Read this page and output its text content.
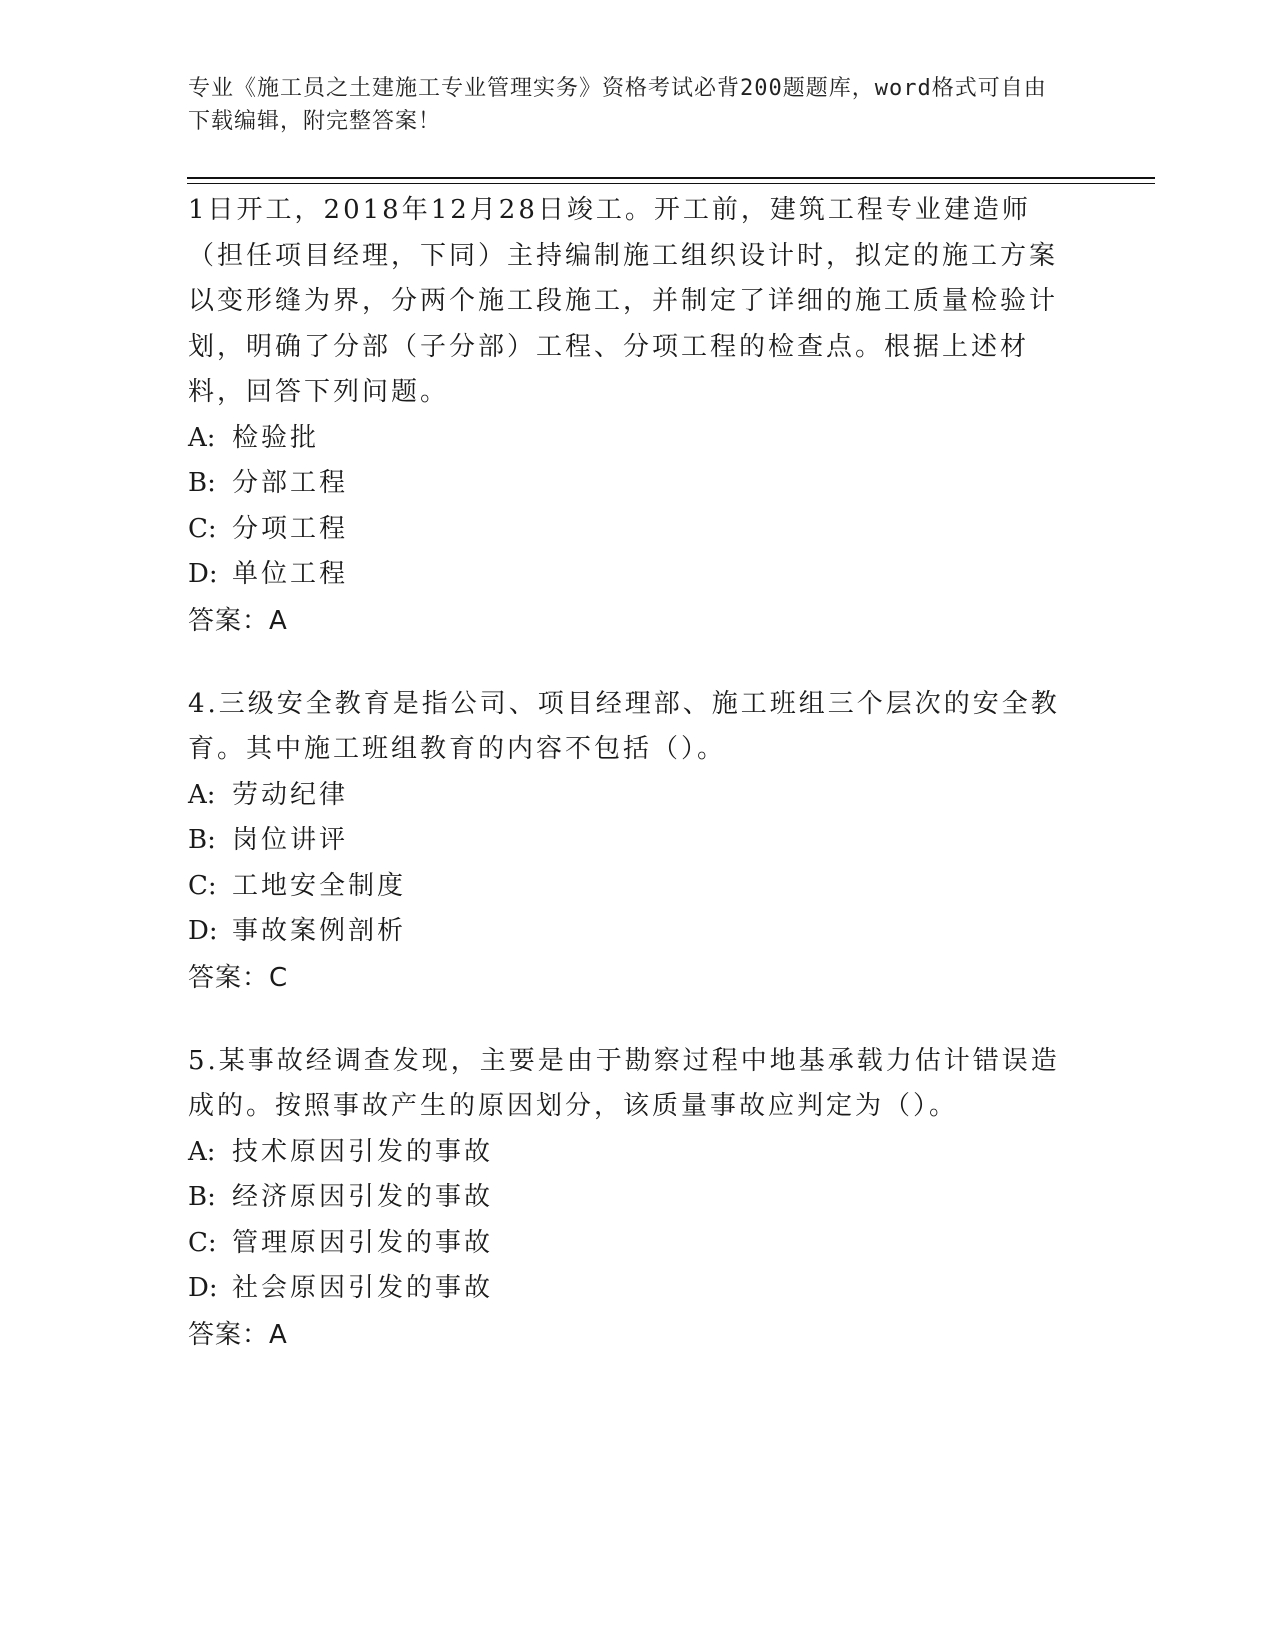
专业《施工员之土建施工专业管理实务》资格考试必背200题题库，word格式可自由下载编辑，附完整答案！
1日开工，2018年12月28日竣工。开工前，建筑工程专业建造师（担任项目经理，下同）主持编制施工组织设计时，拟定的施工方案以变形缝为界，分两个施工段施工，并制定了详细的施工质量检验计划，明确了分部（子分部）工程、分项工程的检查点。根据上述材料，回答下列问题。
A: 检验批
B: 分部工程
C: 分项工程
D: 单位工程
答案：A
4.三级安全教育是指公司、项目经理部、施工班组三个层次的安全教育。其中施工班组教育的内容不包括（）。
A: 劳动纪律
B: 岗位讲评
C: 工地安全制度
D: 事故案例剖析
答案：C
5.某事故经调查发现，主要是由于勘察过程中地基承载力估计错误造成的。按照事故产生的原因划分，该质量事故应判定为（）。
A: 技术原因引发的事故
B: 经济原因引发的事故
C: 管理原因引发的事故
D: 社会原因引发的事故
答案：A
